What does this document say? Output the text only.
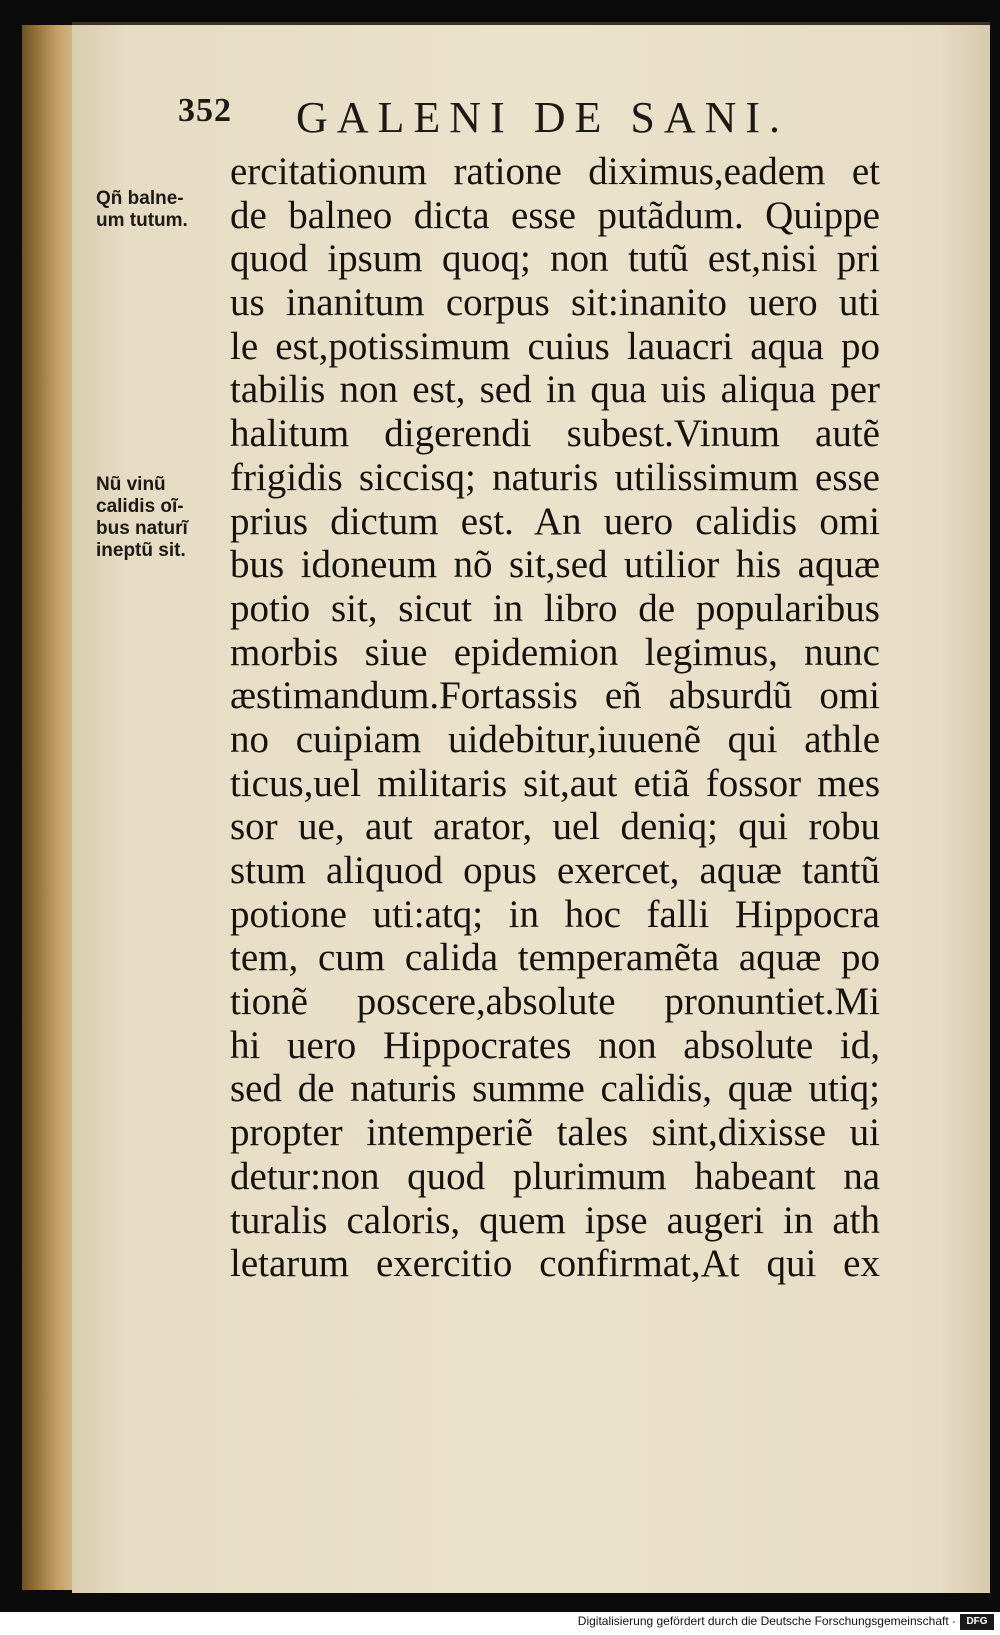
352 GALENI DE SANI.
Qñ balne-
um tutum.
Nũ vinũ
calidis oĩ-
bus naturĩ
ineptũ sit.
ercitationum ratione diximus,eadem et
de balneo dicta esse putãdum. Quippe
quod ipsum quoq; non tutũ est,nisi pri
us inanitum corpus sit:inanito uero uti
le est,potissimum cuius lauacri aqua po
tabilis non est, sed in qua uis aliqua per
halitum digerendi subest.Vinum autẽ
frigidis siccisq; naturis utilissimum esse
prius dictum est. An uero calidis omi
bus idoneum nõ sit,sed utilior his aquæ
potio sit, sicut in libro de popularibus
morbis siue epidemion legimus, nunc
æstimandum.Fortassis eñ absurdũ omi
no cuipiam uidebitur,iuuenẽ qui athle
ticus,uel militaris sit,aut etiã fossor mes
sor ue, aut arator, uel deniq; qui robu
stum aliquod opus exercet, aquæ tantũ
potione uti:atq; in hoc falli Hippocra
tem, cum calida temperamẽta aquæ po
tionẽ poscere,absolute pronuntiet.Mi
hi uero Hippocrates non absolute id,
sed de naturis summe calidis, quæ utiq;
propter intemperiẽ tales sint,dixisse ui
detur:non quod plurimum habeant na
turalis caloris, quem ipse augeri in ath
letarum exercitio confirmat,At qui ex
Digitalisierung gefördert durch die Deutsche Forschungsgemeinschaft ·	DFG
